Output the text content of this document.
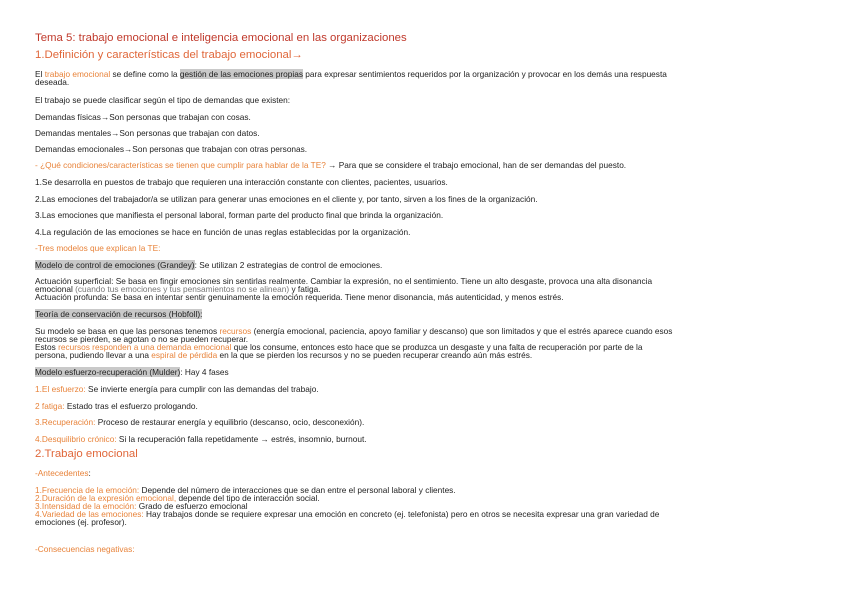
Tema 5: trabajo emocional e inteligencia emocional en las organizaciones
1.Definición y características del trabajo emocional→
El trabajo emocional se define como la gestión de las emociones propias para expresar sentimientos requeridos por la organización y provocar en los demás una respuesta
deseada.
El trabajo se puede clasificar según el tipo de demandas que existen:
Demandas físicas→Son personas que trabajan con cosas.
Demandas mentales→Son personas que trabajan con datos.
Demandas emocionales→Son personas que trabajan con otras personas.
- ¿Qué condiciones/características se tienen que cumplir para hablar de la TE? → Para que se considere el trabajo emocional, han de ser demandas del puesto.
1.Se desarrolla en puestos de trabajo que requieren una interacción constante con clientes, pacientes, usuarios.
2.Las emociones del trabajador/a se utilizan para generar unas emociones en el cliente y, por tanto, sirven a los fines de la organización.
3.Las emociones que manifiesta el personal laboral, forman parte del producto final que brinda la organización.
4.La regulación de las emociones se hace en función de unas reglas establecidas por la organización.
-Tres modelos que explican la TE:
Modelo de control de emociones (Grandey): Se utilizan 2 estrategias de control de emociones.
Actuación superficial: Se basa en fingir emociones sin sentirlas realmente. Cambiar la expresión, no el sentimiento. Tiene un alto desgaste, provoca una alta disonancia
emocional (cuando tus emociones y tus pensamientos no se alinean) y fatiga.
Actuación profunda: Se basa en intentar sentir genuinamente la emoción requerida. Tiene menor disonancia, más autenticidad, y menos estrés.
Teoría de conservación de recursos (Hobfoll):
Su modelo se basa en que las personas tenemos recursos (energía emocional, paciencia, apoyo familiar y descanso) que son limitados y que el estrés aparece cuando esos
recursos se pierden, se agotan o no se pueden recuperar.
Estos recursos responden a una demanda emocional que los consume, entonces esto hace que se produzca un desgaste y una falta de recuperación por parte de la
persona, pudiendo llevar a una espiral de pérdida en la que se pierden los recursos y no se pueden recuperar creando aún más estrés.
Modelo esfuerzo-recuperación (Mulder): Hay 4 fases
1.El esfuerzo: Se invierte energía para cumplir con las demandas del trabajo.
2 fatiga: Estado tras el esfuerzo prologando.
3.Recuperación: Proceso de restaurar energía y equilibrio (descanso, ocio, desconexión).
4.Desquilibrio crónico: Si la recuperación falla repetidamente → estrés, insomnio, burnout.
2.Trabajo emocional
-Antecedentes:
1.Frecuencia de la emoción: Depende del número de interacciones que se dan entre el personal laboral y clientes.
2.Duración de la expresión emocional, depende del tipo de interacción social.
3.Intensidad de la emoción: Grado de esfuerzo emocional
4.Variedad de las emociones: Hay trabajos donde se requiere expresar una emoción en concreto (ej. telefonista) pero en otros se necesita expresar una gran variedad de
emociones (ej. profesor).
-Consecuencias negativas:
